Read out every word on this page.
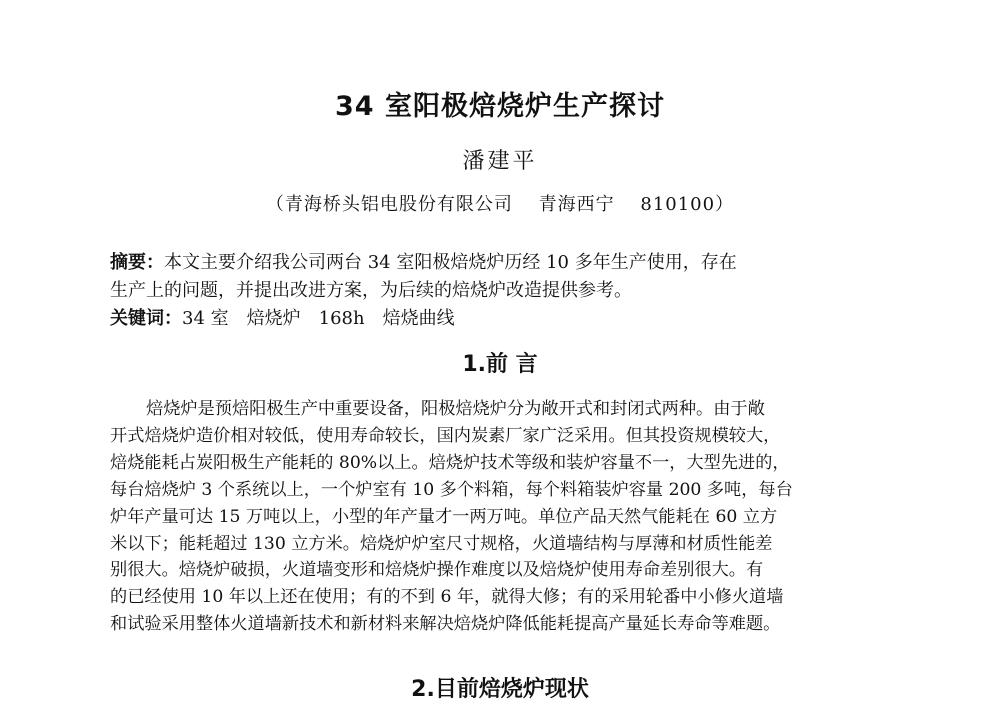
34 室阳极焙烧炉生产探讨
潘建平
（青海桥头铝电股份有限公司　 青海西宁　 810100）
摘要：本文主要介绍我公司两台 34 室阳极焙烧炉历经 10 多年生产使用，存在
生产上的问题，并提出改进方案，为后续的焙烧炉改造提供参考。
关键词：34 室　焙烧炉　168h　焙烧曲线
1.前 言
焙烧炉是预焙阳极生产中重要设备，阳极焙烧炉分为敞开式和封闭式两种。由于敞
开式焙烧炉造价相对较低，使用寿命较长，国内炭素厂家广泛采用。但其投资规模较大，
焙烧能耗占炭阳极生产能耗的 80%以上。焙烧炉技术等级和装炉容量不一，大型先进的，
每台焙烧炉 3 个系统以上，一个炉室有 10 多个料箱，每个料箱装炉容量 200 多吨，每台
炉年产量可达 15 万吨以上，小型的年产量才一两万吨。单位产品天然气能耗在 60 立方
米以下；能耗超过 130 立方米。焙烧炉炉室尺寸规格，火道墙结构与厚薄和材质性能差
别很大。焙烧炉破损，火道墙变形和焙烧炉操作难度以及焙烧炉使用寿命差别很大。有
的已经使用 10 年以上还在使用；有的不到 6 年，就得大修；有的采用轮番中小修火道墙
和试验采用整体火道墙新技术和新材料来解决焙烧炉降低能耗提高产量延长寿命等难题。
2.目前焙烧炉现状
